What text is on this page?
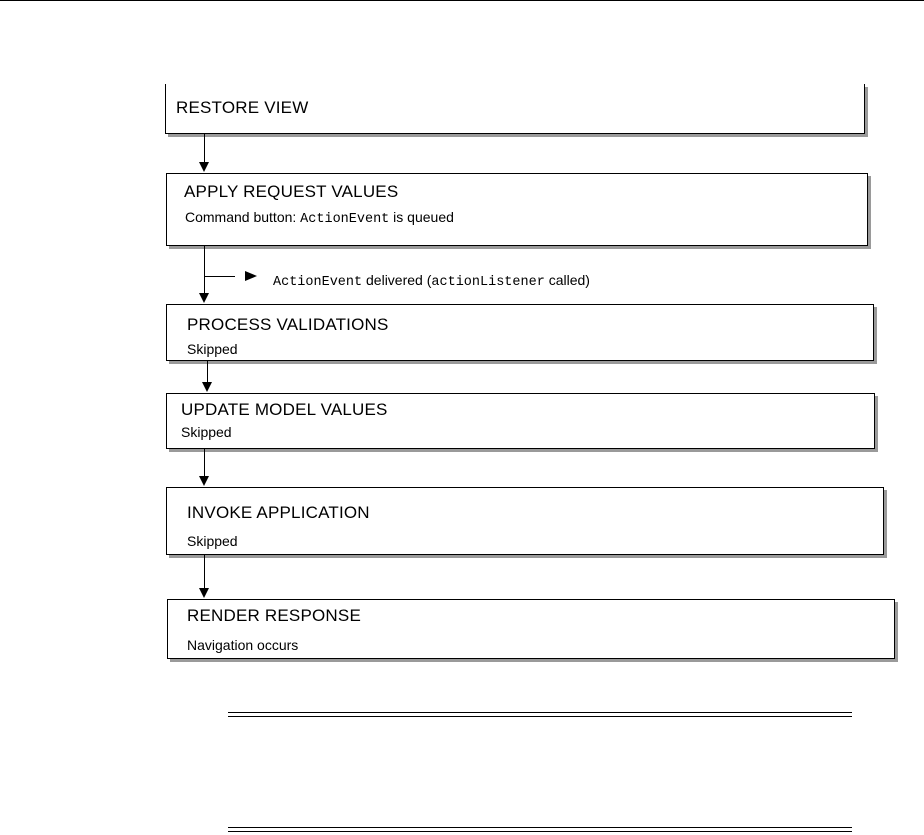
RESTORE VIEW
APPLY REQUEST VALUES
Command button: ActionEvent is queued
ActionEvent delivered (actionListener called)
PROCESS VALIDATIONS
Skipped
UPDATE MODEL VALUES
Skipped
INVOKE APPLICATION
Skipped
RENDER RESPONSE
Navigation occurs
